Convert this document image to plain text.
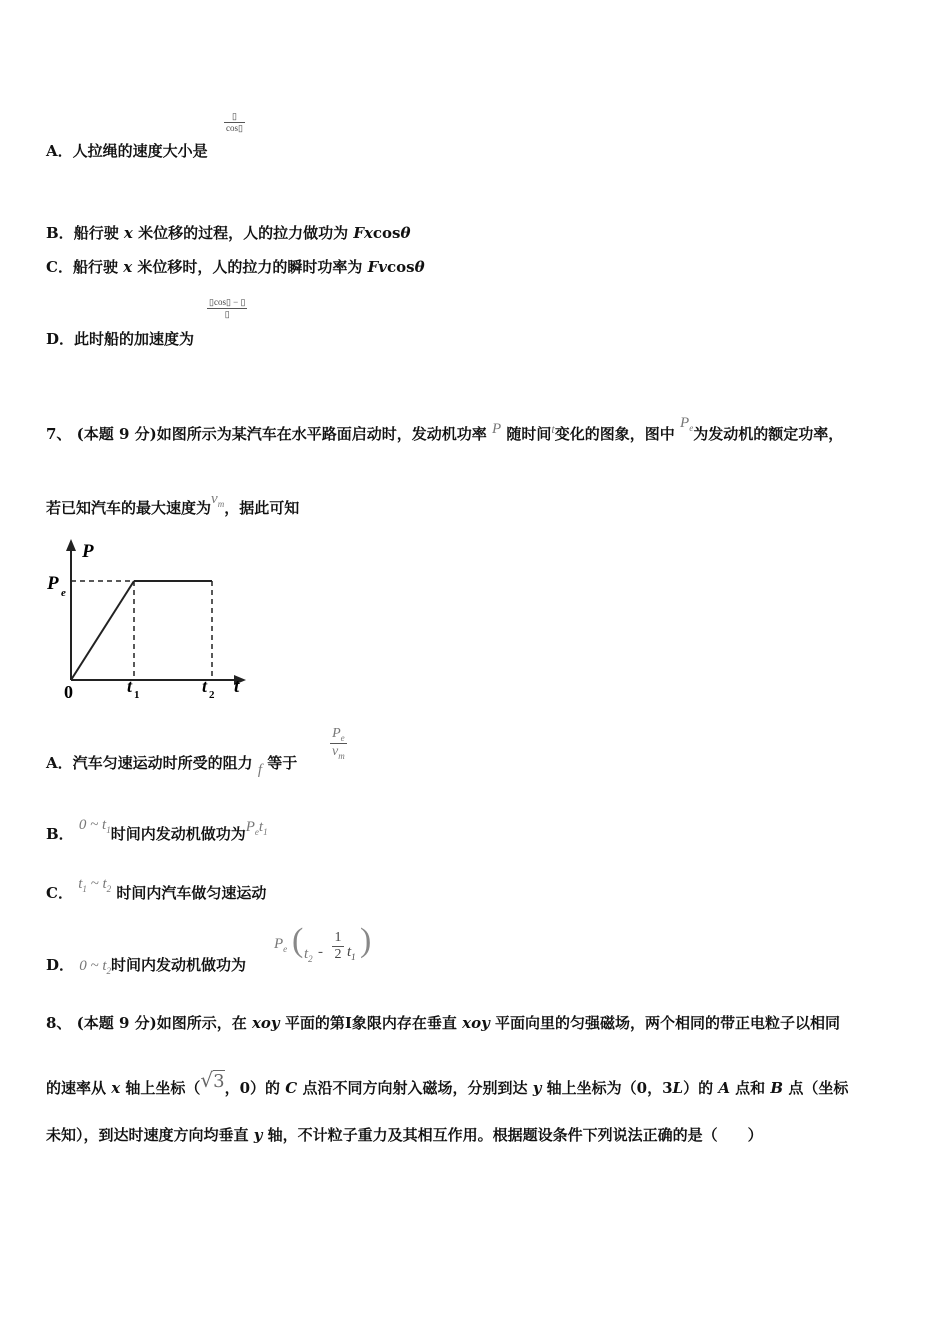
A．人拉绳的速度大小是
▯
cos▯
B．船行驶 x 米位移的过程，人的拉力做功为 Fxcosθ
C．船行驶 x 米位移时，人的拉力的瞬时功率为 Fvcosθ
D．此时船的加速度为
▯cos▯ − ▯
▯
7、 (本题 9 分)如图所示为某汽车在水平路面启动时，发动机功率 P 随时间$^t$变化的图象，图中 $P_e$为发动机的额定功率，
若已知汽车的最大速度为$v_m$，据此可知
P
P e
0	t 1	t 2 t
A．汽车匀速运动时所受的阻力 f 等于
$\frac{P_e}{v_m}$
B． 0 ~ $t_1$时间内发动机做功为$P_et_1$
C． $t_1$ ~ $t_2$ 时间内汽车做匀速运动
D． 0 ~ $t_2$时间内发动机做功为
$P_e$ ( $t_2 - \frac{1}{2} t_1$ )
8、 (本题 9 分)如图所示，在 xoy 平面的第Ⅰ象限内存在垂直 xoy 平面向里的匀强磁场，两个相同的带正电粒子以相同
的速率从 x 轴上坐标（√3，0）的 C 点沿不同方向射入磁场，分别到达 y 轴上坐标为（0，3L）的 A 点和 B 点（坐标
未知），到达时速度方向均垂直 y 轴，不计粒子重力及其相互作用。根据题设条件下列说法正确的是（　　）
